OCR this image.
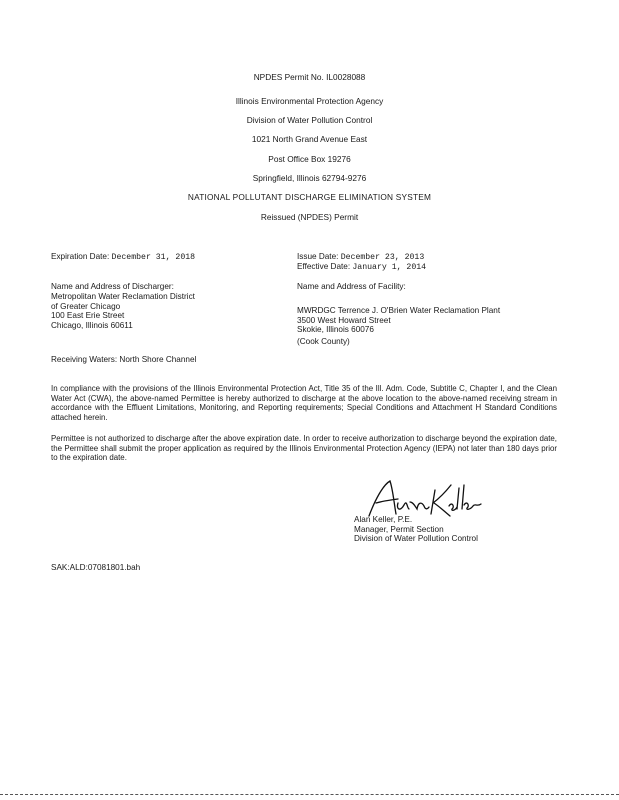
NPDES Permit No. IL0028088
Illinois Environmental Protection Agency
Division of Water Pollution Control
1021 North Grand Avenue East
Post Office Box 19276
Springfield, Illinois 62794-9276
NATIONAL POLLUTANT DISCHARGE ELIMINATION SYSTEM
Reissued (NPDES) Permit
Expiration Date: December 31, 2018	Issue Date: December 23, 2013
Effective Date: January 1, 2014
Name and Address of Discharger:
Metropolitan Water Reclamation District
of Greater Chicago
100 East Erie Street
Chicago, Illinois 60611
Name and Address of Facility:
MWRDGC Terrence J. O'Brien Water Reclamation Plant
3500 West Howard Street
Skokie, Illinois 60076
(Cook County)
Receiving Waters: North Shore Channel
In compliance with the provisions of the Illinois Environmental Protection Act, Title 35 of the Ill. Adm. Code, Subtitle C, Chapter I, and the Clean Water Act (CWA), the above-named Permittee is hereby authorized to discharge at the above location to the above-named receiving stream in accordance with the Effluent Limitations, Monitoring, and Reporting requirements; Special Conditions and Attachment H Standard Conditions attached herein.
Permittee is not authorized to discharge after the above expiration date. In order to receive authorization to discharge beyond the expiration date, the Permittee shall submit the proper application as required by the Illinois Environmental Protection Agency (IEPA) not later than 180 days prior to the expiration date.
Alan Keller, P.E.
Manager, Permit Section
Division of Water Pollution Control
SAK:ALD:07081801.bah
